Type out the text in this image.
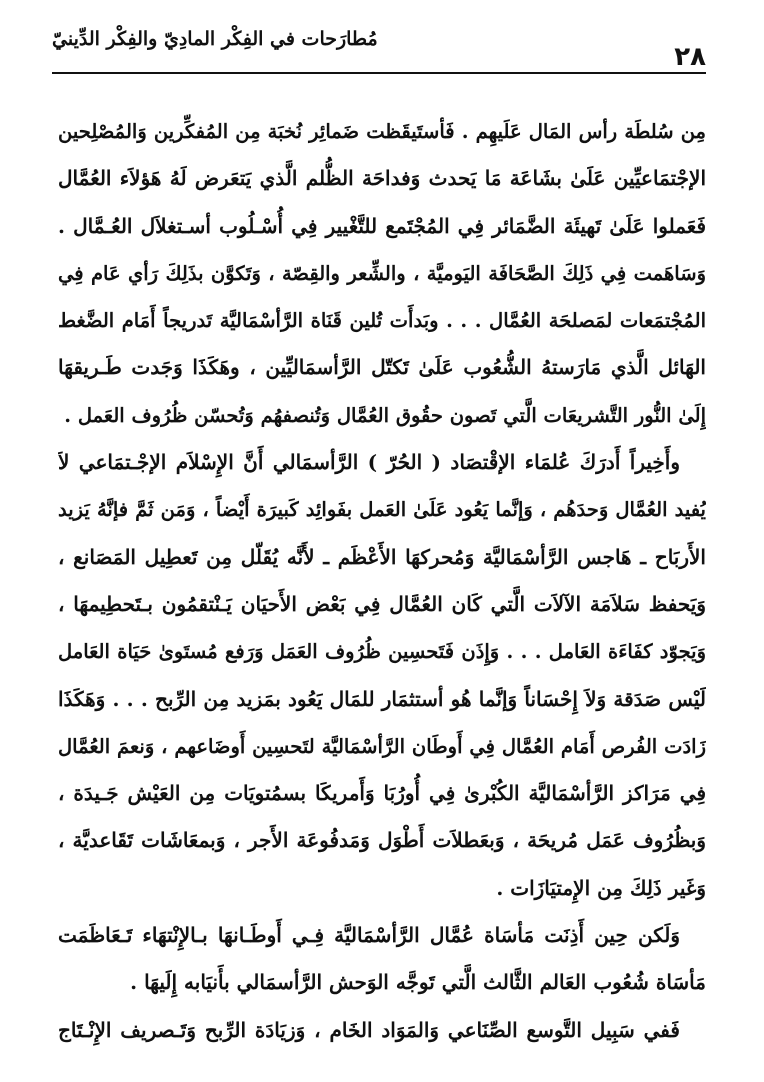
مُطارَحات في الفِكْر المادِيّ والفِكْر الدِّينيّ
٢٨
مِن سُلطَة رأس المَال عَلَيهِم . فَأستَيقَظت ضَمائِر نُخبَة مِن المُفكِّرين وَالمُصْلِحين
الإجْتمَاعيِّين عَلَىٰ بشَاعَة مَا يَحدث وَفداحَة الظُّلم الَّذي يَتعَرض لَهُ هَؤلاَء العُمَّال
فَعَملوا عَلَىٰ تَهيئَة الضَّمَائر فِي المُجْتَمع للتَّغْيير فِي أُسْـلُوب أسـتغلاَل العُـمَّال .
وَسَاهَمت فِي ذَلِكَ الصَّحَافَة اليَوميَّة ، والشِّعر والقِصّة ، وَتَكوَّن بذَلِكَ رَأي عَام فِي
المُجْتمَعات لمَصلحَة العُمَّال . . . وبَدأَت تُلين قَنَاة الرَّأسْمَاليَّة تَدريجاً أَمَام الضَّغط
الهَائل الَّذي مَارَستهُ الشُّعُوب عَلَىٰ تَكتّل الرَّأسمَاليِّين ، وهَكَذَا وَجَدت طَـريقهَا
إِلَىٰ النُّور التَّشريعَات الَّتي تَصون حقُوق العُمَّال وَتُنصفهُم وَتُحسّن ظُرُوف العَمل .
وأَخِيراً أَدرَكَ عُلمَاء الإقْتصَاد ( الحُرّ ) الرَّأسمَالي أَنَّ الإِسْلاَم الإجْـتمَاعي لاَ
يُفيد العُمَّال وَحدَهُم ، وَإنَّما يَعُود عَلَىٰ العَمل بفَوائِد كَبيرَة أَيْضاً ، وَمَن ثَمَّ فإنَّهُ يَزيد
الأَربَاح ـ هَاجس الرَّأسْمَاليَّة وَمُحركهَا الأَعْظَم ـ لأَنَّه يُقَلّل مِن تَعطِيل المَصَانع ،
وَيَحفظ سَلاَمَة الآلاَت الَّتي كَان العُمَّال فِي بَعْض الأَحيَان يَـنْتقمُون بـتَحطِيمهَا ،
وَيَجوّد كفَاءَة العَامل . . . وَإِذَن فَتَحسِين ظُرُوف العَمَل وَرَفع مُستَوىٰ حَيَاة العَامل
لَيْس صَدَقة وَلاَ إِحْسَاناً وَإنَّما هُو أستثمَار للمَال يَعُود بمَزيد مِن الرِّبح . . . وَهَكَذَا
زَادَت الفُرص أَمَام العُمَّال فِي أَوطَان الرَّأسْمَاليَّة لتَحسِين أَوضَاعهم ، وَنعمَ العُمَّال
فِي مَرَاكز الرَّأسْمَاليَّة الكُبْرىٰ فِي أُورُبَا وَأَمريكَا بسمُتويَات مِن العَيْش جَـيدَة ،
وَبظُرُوف عَمَل مُريحَة ، وَبعَطلاَت أَطْوَل وَمَدفُوعَة الأَجر ، وَبمعَاشَات تَقَاعديَّة ،
وَغَير ذَلِكَ مِن الإِمتيَازَات .
وَلَكن حِين أَذِنَت مَأسَاة عُمَّال الرَّأسْمَاليَّة فِـي أَوطَـانهَا بـالإِنْتهَاء تَـعَاظَمَت
مَأسَاة شُعُوب العَالم الثَّالث الَّتي تَوجَّه الوَحش الرَّأسمَالي بأَنيَابه إِلَيهَا .
فَفي سَبِيل التَّوسع الصِّنَاعي وَالمَوَاد الخَام ، وَزيَادَة الرِّبح وَتَـصريف الإِنْـتَاج
